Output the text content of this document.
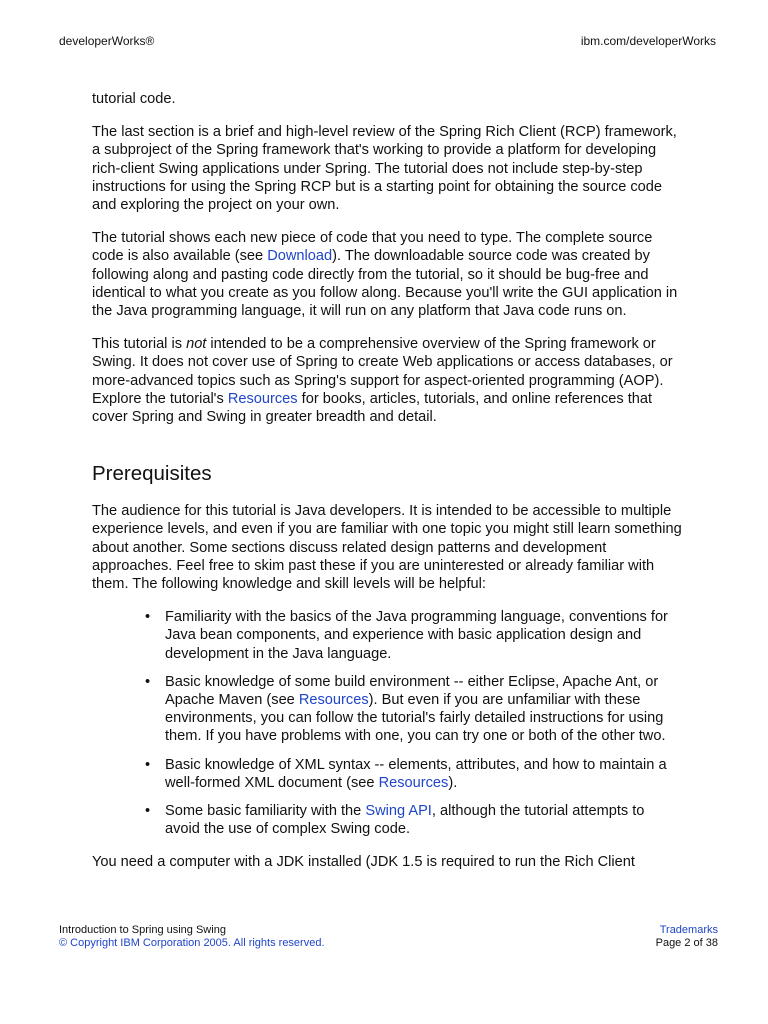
developerWorks®	ibm.com/developerWorks

tutorial code.

The last section is a brief and high-level review of the Spring Rich Client (RCP) framework, a subproject of the Spring framework that's working to provide a platform for developing rich-client Swing applications under Spring. The tutorial does not include step-by-step instructions for using the Spring RCP but is a starting point for obtaining the source code and exploring the project on your own.

The tutorial shows each new piece of code that you need to type. The complete source code is also available (see Download). The downloadable source code was created by following along and pasting code directly from the tutorial, so it should be bug-free and identical to what you create as you follow along. Because you'll write the GUI application in the Java programming language, it will run on any platform that Java code runs on.

This tutorial is not intended to be a comprehensive overview of the Spring framework or Swing. It does not cover use of Spring to create Web applications or access databases, or more-advanced topics such as Spring's support for aspect-oriented programming (AOP). Explore the tutorial's Resources for books, articles, tutorials, and online references that cover Spring and Swing in greater breadth and detail.

Prerequisites

The audience for this tutorial is Java developers. It is intended to be accessible to multiple experience levels, and even if you are familiar with one topic you might still learn something about another. Some sections discuss related design patterns and development approaches. Feel free to skim past these if you are uninterested or already familiar with them. The following knowledge and skill levels will be helpful:

• Familiarity with the basics of the Java programming language, conventions for Java bean components, and experience with basic application design and development in the Java language.
• Basic knowledge of some build environment -- either Eclipse, Apache Ant, or Apache Maven (see Resources). But even if you are unfamiliar with these environments, you can follow the tutorial's fairly detailed instructions for using them. If you have problems with one, you can try one or both of the other two.
• Basic knowledge of XML syntax -- elements, attributes, and how to maintain a well-formed XML document (see Resources).
• Some basic familiarity with the Swing API, although the tutorial attempts to avoid the use of complex Swing code.

You need a computer with a JDK installed (JDK 1.5 is required to run the Rich Client

Introduction to Spring using Swing
© Copyright IBM Corporation 2005. All rights reserved.
Trademarks
Page 2 of 38
